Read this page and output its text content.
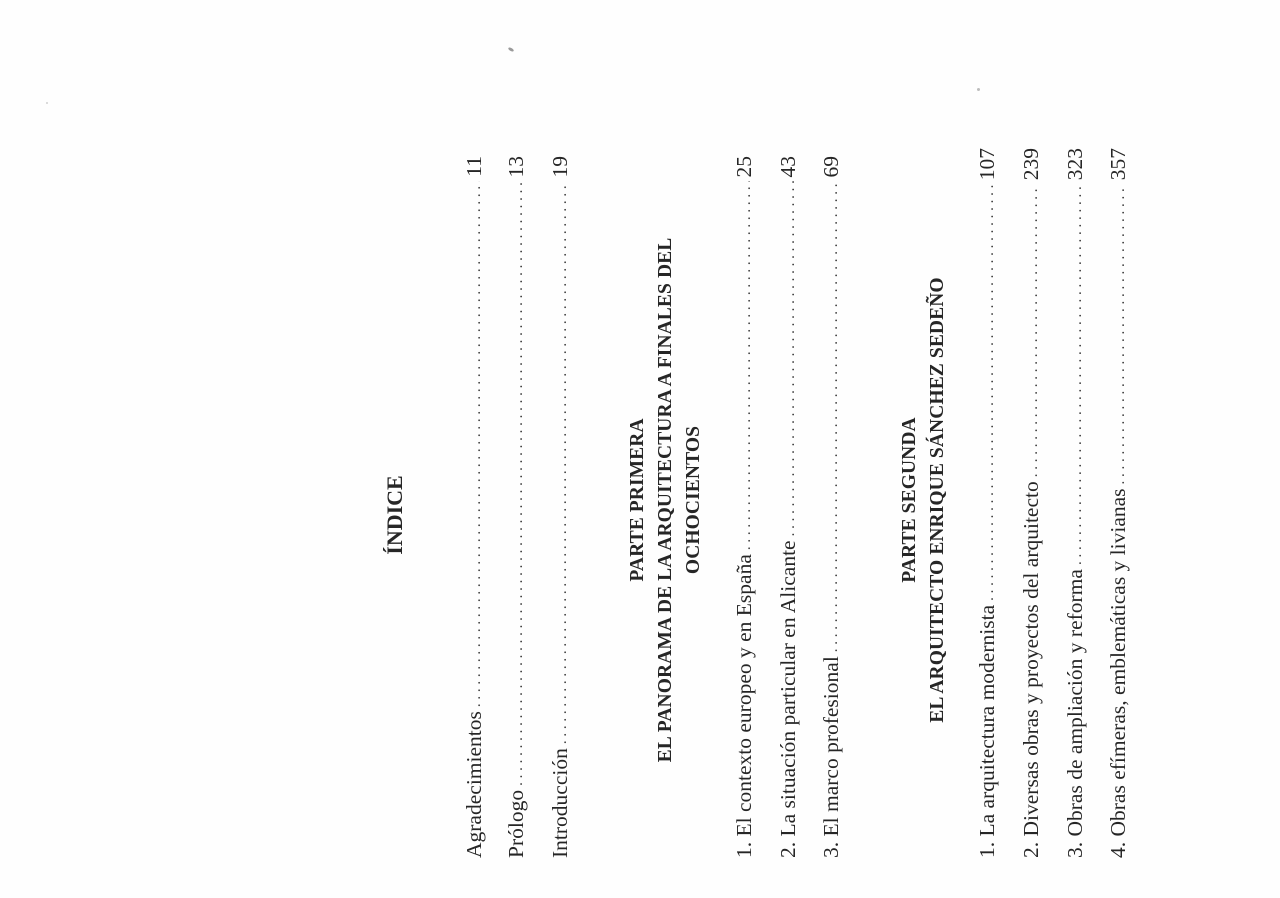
ÍNDICE
Agradecimientos
. . .
11
Prólogo
. . .
13
Introducción
. . .
19
PARTE PRIMERA EL PANORAMA DE LA ARQUITECTURA A FINALES DEL OCHOCIENTOS
1. El contexto europeo y en España
. . .
25
2. La situación particular en Alicante
. . .
43
3. El marco profesional
. . .
69
PARTE SEGUNDA EL ARQUITECTO ENRIQUE SÁNCHEZ SEDEÑO
1. La arquitectura modernista
. . .
107
2. Diversas obras y proyectos del arquitecto
. . .
239
3. Obras de ampliación y reforma
. . .
323
4. Obras efímeras, emblemáticas y livianas
. . .
357
